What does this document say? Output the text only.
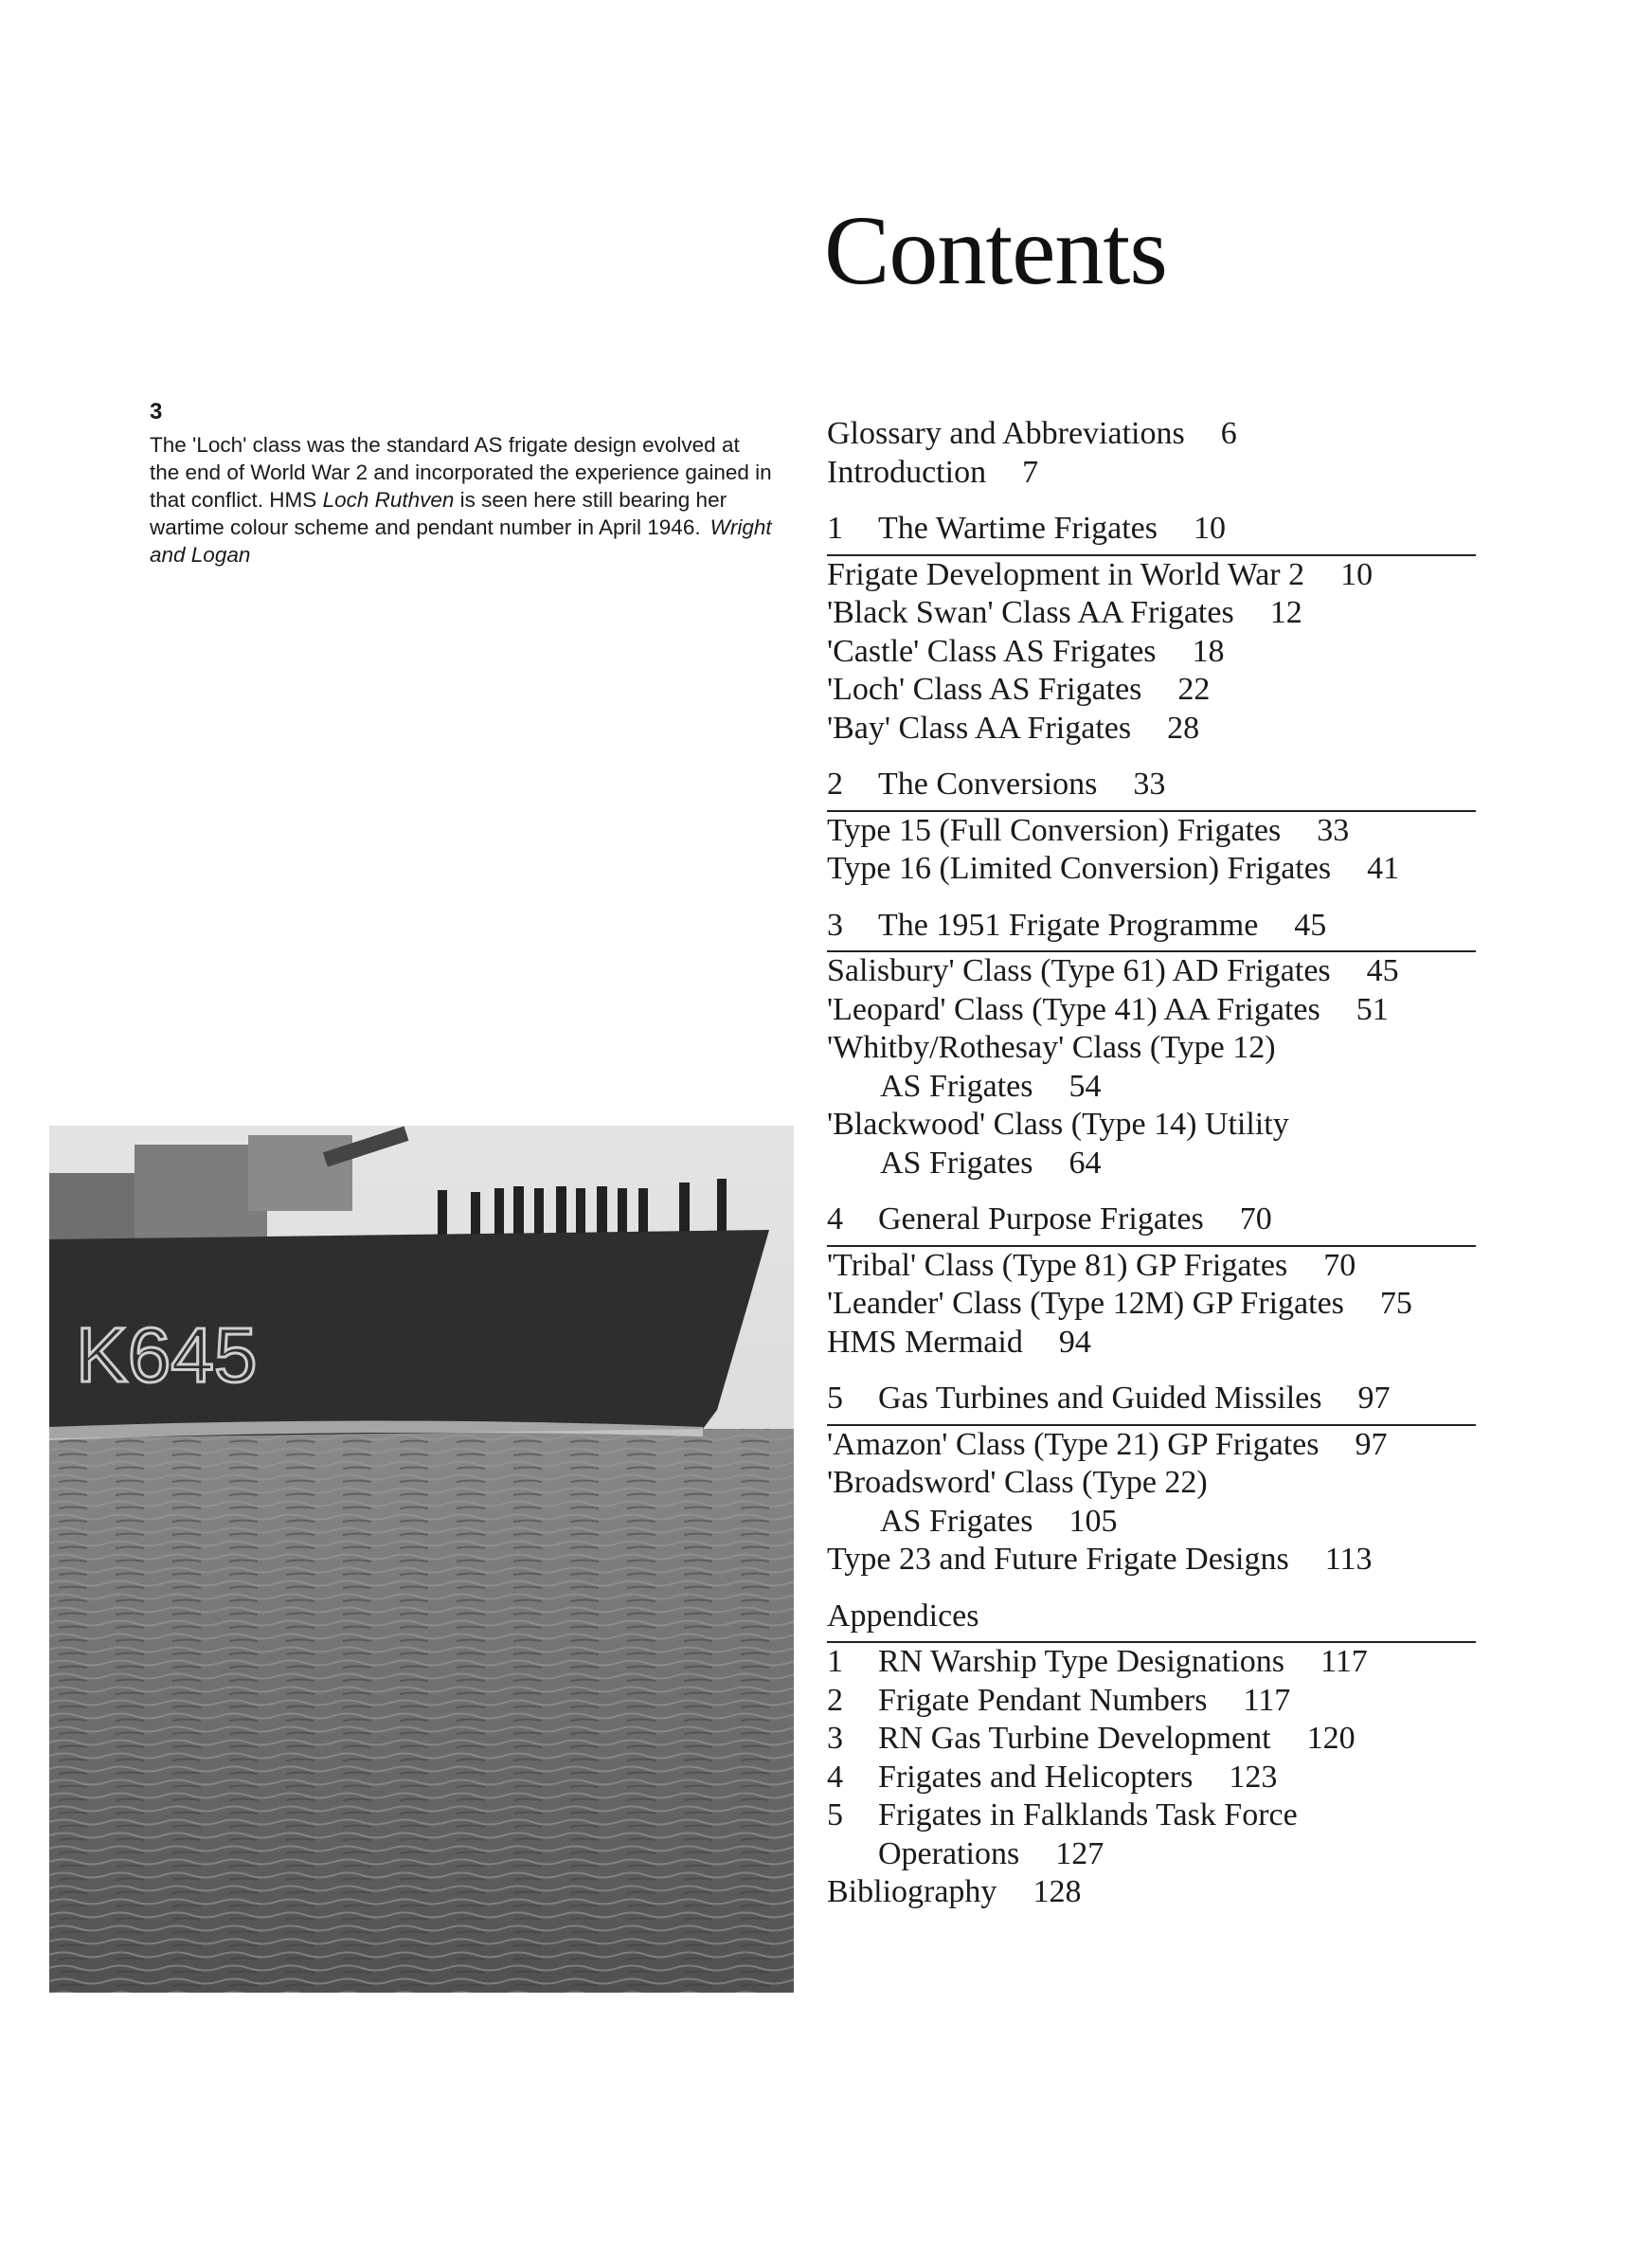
Contents
3
The 'Loch' class was the standard AS frigate design evolved at the end of World War 2 and incorporated the experience gained in that conflict. HMS Loch Ruthven is seen here still bearing her wartime colour scheme and pendant number in April 1946. Wright and Logan
K645
Glossary and Abbreviations 6
Introduction 7
1 The Wartime Frigates 10
Frigate Development in World War 2 10
'Black Swan' Class AA Frigates 12
'Castle' Class AS Frigates 18
'Loch' Class AS Frigates 22
'Bay' Class AA Frigates 28
2 The Conversions 33
Type 15 (Full Conversion) Frigates 33
Type 16 (Limited Conversion) Frigates 41
3 The 1951 Frigate Programme 45
Salisbury' Class (Type 61) AD Frigates 45
'Leopard' Class (Type 41) AA Frigates 51
'Whitby/Rothesay' Class (Type 12)
AS Frigates 54
'Blackwood' Class (Type 14) Utility
AS Frigates 64
4 General Purpose Frigates 70
'Tribal' Class (Type 81) GP Frigates 70
'Leander' Class (Type 12M) GP Frigates 75
HMS Mermaid 94
5 Gas Turbines and Guided Missiles 97
'Amazon' Class (Type 21) GP Frigates 97
'Broadsword' Class (Type 22)
AS Frigates 105
Type 23 and Future Frigate Designs 113
Appendices
1 RN Warship Type Designations 117
2 Frigate Pendant Numbers 117
3 RN Gas Turbine Development 120
4 Frigates and Helicopters 123
5 Frigates in Falklands Task Force
Operations 127
Bibliography 128
